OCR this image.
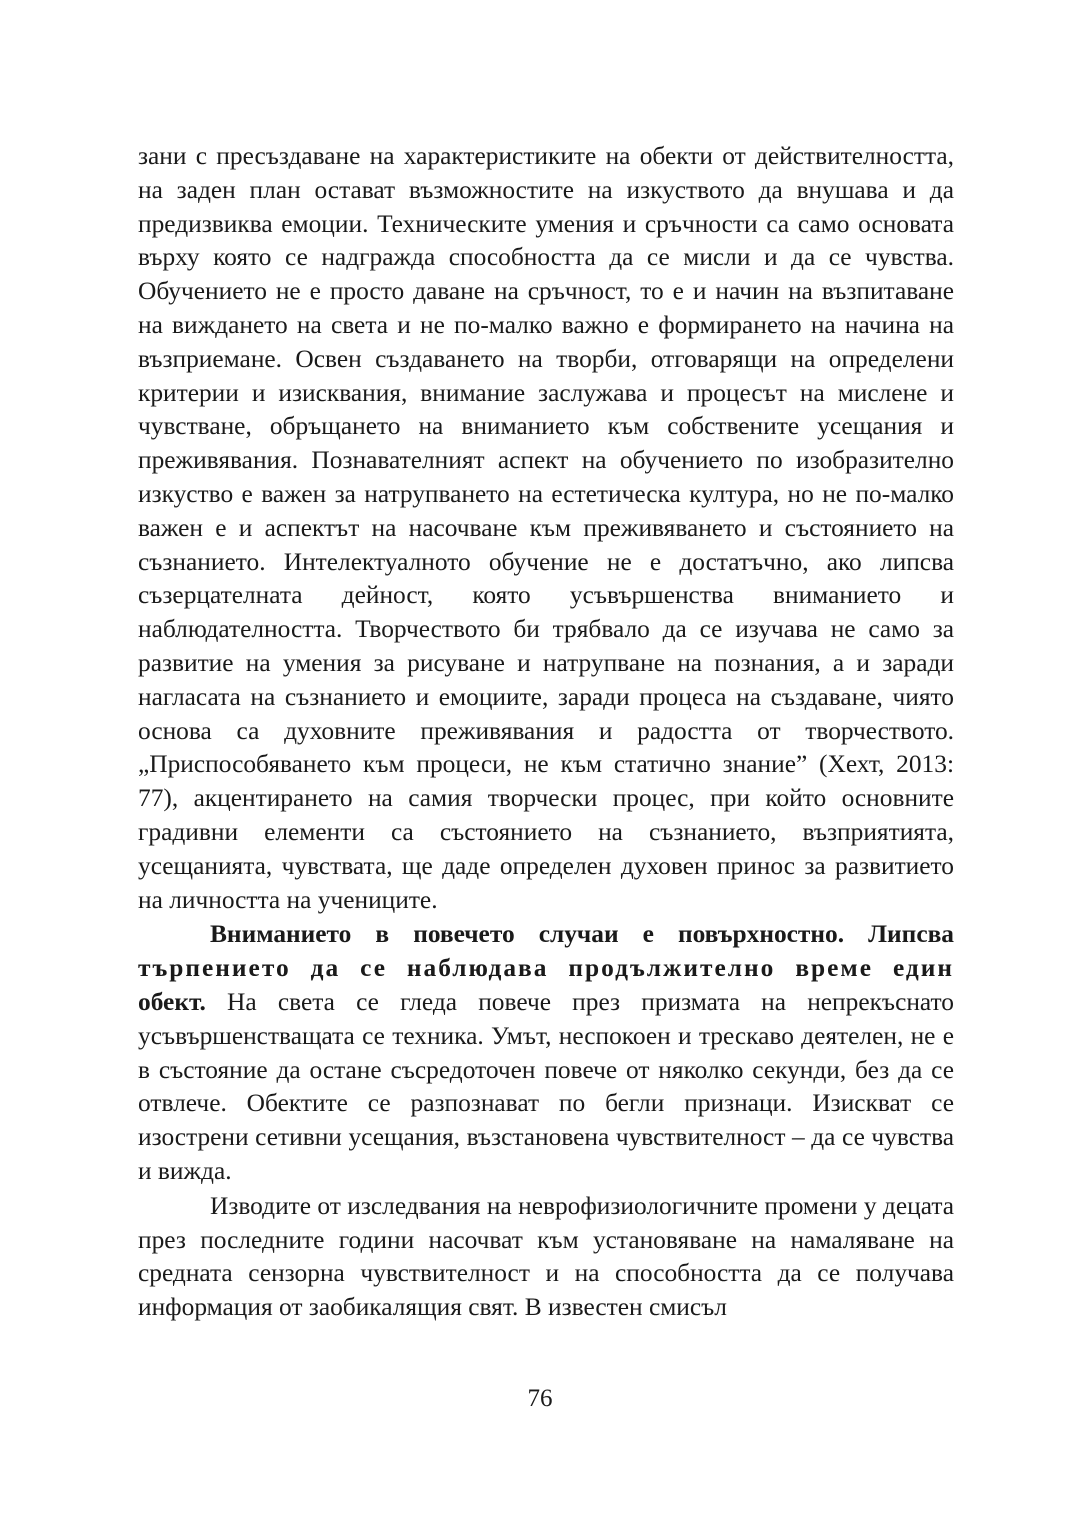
зани с пресъздаване на характеристиките на обекти от действителността, на заден план остават възможностите на изкуството да внушава и да предизвиква емоции. Техническите умения и сръчности са само основата върху която се надгражда способността да се мисли и да се чувства. Обучението не е просто даване на сръчност, то е и начин на възпитаване на виждането на света и не по-малко важно е формирането на начина на възприемане. Освен създаването на творби, отговарящи на определени критерии и изисквания, внимание заслужава и процесът на мислене и чувстване, обръщането на вниманието към собствените усещания и преживявания. Познавателният аспект на обучението по изобразително изкуство е важен за натрупването на естетическа култура, но не по-малко важен е и аспектът на насочване към преживяването и състоянието на съзнанието. Интелектуалното обучение не е достатъчно, ако липсва съзерцателната дейност, която усъвършенства вниманието и наблюдателността. Творчеството би трябвало да се изучава не само за развитие на умения за рисуване и натрупване на познания, а и заради нагласата на съзнанието и емоциите, заради процеса на създаване, чиято основа са духовните преживявания и радостта от творчеството. „Приспособяването към процеси, не към статично знание” (Хехт, 2013: 77), акцентирането на самия творчески процес, при който основните градивни елементи са състоянието на съзнанието, възприятията, усещанията, чувствата, ще даде определен духовен принос за развитието на личността на учениците.

Вниманието в повечето случаи е повърхностно. Липсва търпението да се наблюдава продължително време един обект. На света се гледа повече през призмата на непрекъснато усъвършенстващата се техника. Умът, неспокоен и трескаво деятелен, не е в състояние да остане съсредоточен повече от няколко секунди, без да се отвлече. Обектите се разпознават по бегли признаци. Изискват се изострени сетивни усещания, възстановена чувствителност – да се чувства и вижда.

Изводите от изследвания на неврофизиологичните промени у децата през последните години насочват към установяване на намаляване на средната сензорна чувствителност и на способността да се получава информация от заобикалящия свят. В известен смисъл

76
